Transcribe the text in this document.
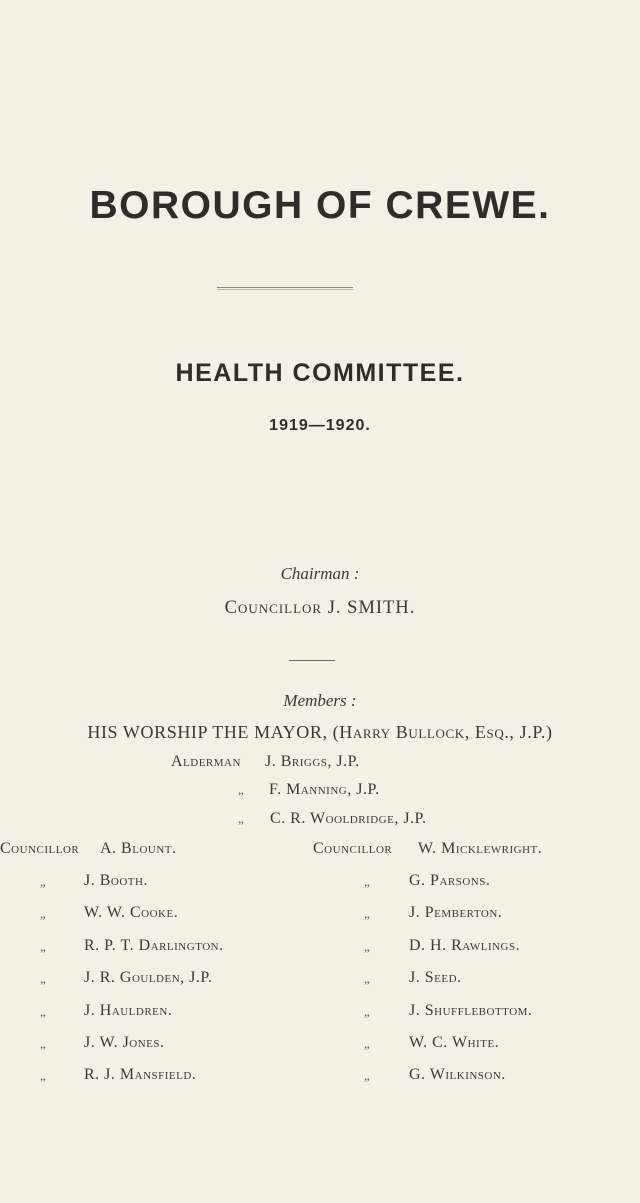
BOROUGH OF CREWE.
HEALTH COMMITTEE.
1919—1920.
Chairman :
Councillor J. SMITH.
Members :
HIS WORSHIP THE MAYOR, (Harry Bullock, Esq., J.P.)
Alderman J. Briggs, J.P.
„ F. Manning, J.P.
„ C. R. Wooldridge, J.P.
Councillor A. Blount.
„ J. Booth.
„ W. W. Cooke.
„ R. P. T. Darlington.
„ J. R. Goulden, J.P.
„ J. Hauldren.
„ J. W. Jones.
„ R. J. Mansfield.
Councillor W. Micklewright.
„ G. Parsons.
„ J. Pemberton.
„ D. H. Rawlings.
„ J. Seed.
„ J. Shufflebottom.
„ W. C. White.
„ G. Wilkinson.
